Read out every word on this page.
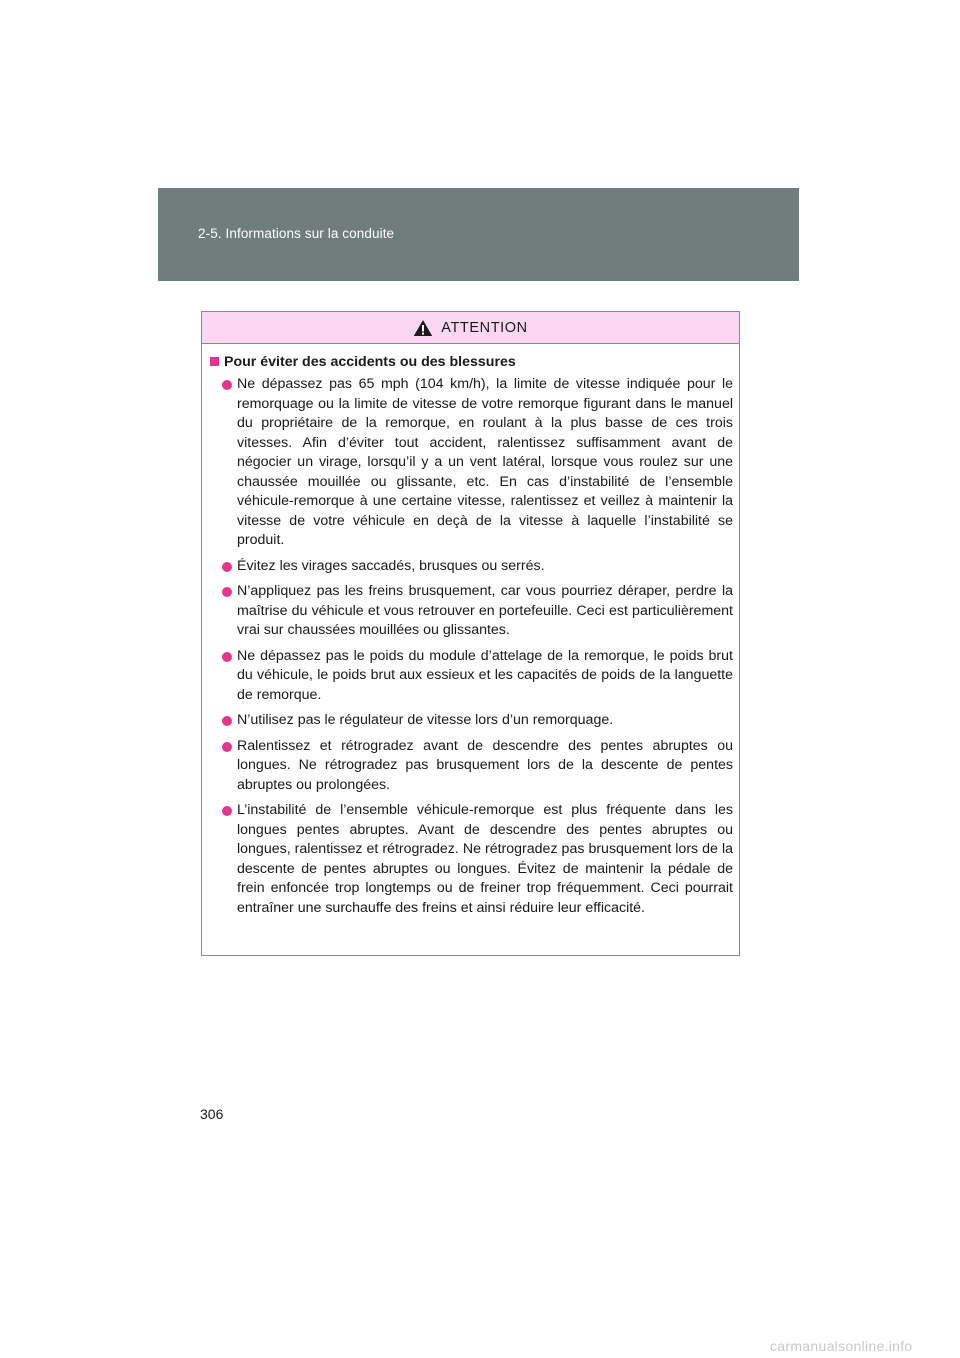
2-5. Informations sur la conduite
ATTENTION
Pour éviter des accidents ou des blessures
Ne dépassez pas 65 mph (104 km/h), la limite de vitesse indiquée pour le remorquage ou la limite de vitesse de votre remorque figurant dans le manuel du propriétaire de la remorque, en roulant à la plus basse de ces trois vitesses. Afin d’éviter tout accident, ralentissez suffisamment avant de négocier un virage, lorsqu’il y a un vent latéral, lorsque vous roulez sur une chaussée mouillée ou glissante, etc. En cas d’instabilité de l’ensemble véhicule-remorque à une certaine vitesse, ralentissez et veillez à maintenir la vitesse de votre véhicule en deçà de la vitesse à laquelle l’instabilité se produit.
Évitez les virages saccadés, brusques ou serrés.
N’appliquez pas les freins brusquement, car vous pourriez déraper, perdre la maîtrise du véhicule et vous retrouver en portefeuille. Ceci est particulièrement vrai sur chaussées mouillées ou glissantes.
Ne dépassez pas le poids du module d’attelage de la remorque, le poids brut du véhicule, le poids brut aux essieux et les capacités de poids de la languette de remorque.
N’utilisez pas le régulateur de vitesse lors d’un remorquage.
Ralentissez et rétrogradez avant de descendre des pentes abruptes ou longues. Ne rétrogradez pas brusquement lors de la descente de pentes abruptes ou prolongées.
L’instabilité de l’ensemble véhicule-remorque est plus fréquente dans les longues pentes abruptes. Avant de descendre des pentes abruptes ou longues, ralentissez et rétrogradez. Ne rétrogradez pas brusquement lors de la descente de pentes abruptes ou longues. Évitez de maintenir la pédale de frein enfoncée trop longtemps ou de freiner trop fréquemment. Ceci pourrait entraîner une surchauffe des freins et ainsi réduire leur efficacité.
306
carmanualsonline.info
